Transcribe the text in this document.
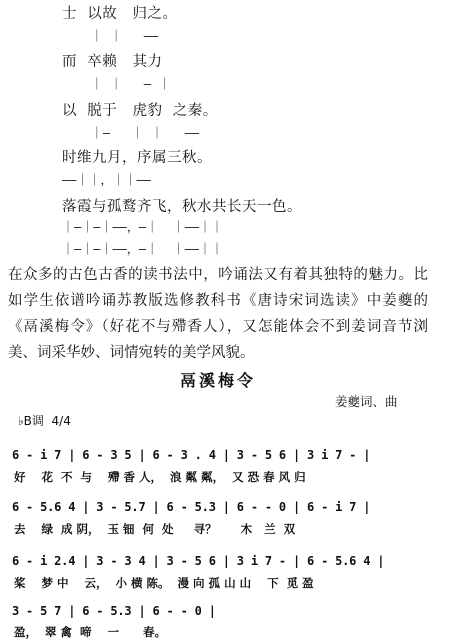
士  以故   归之。
｜ ｜   ——
而  卒赖   其力
｜ ｜   — ｜
以  脱于   虎豹  之秦。
｜—   ｜ ｜   ——
时维九月，序属三秋。
——｜｜，｜｜——
落霞与孤鹜齐飞，秋水共长天一色。
｜—｜—｜——，—｜  ｜——｜｜
｜—｜—｜——，—｜  ｜——｜｜
在众多的古色古香的读书法中，吟诵法又有着其独特的魅力。比如学生依谱吟诵苏教版选修教科书《唐诗宋词选读》中姜夔的《鬲溪梅令》（好花不与殢香人），又怎能体会不到姜词音节浏美、词采华妙、词情宛转的美学风貌。
鬲溪梅令
姜夔词、曲
♭B调  4/4
6 - i 7 | 6 - 3 5 | 6 - 3 . 4 | 3 - 5 6 | 3 i 7 - |
好    花  不  与    殢 香 人，  浪 粼 粼，  又 恐 春 风 归
6 - 5.6 4 | 3 - 5.7 | 6 - 5.3 | 6 - - 0 | 6 - i 7 |
去    绿  成 阴，  玉 钿  何  处     寻？      木   兰  双
6 - i 2.4 | 3 - 3 4 | 3 - 5 6 | 3 i 7 - | 6 - 5.6 4 |
桨    梦 中    云，  小 横 陈。  漫 向 孤 山 山    下  觅 盈
3 - 5 7 | 6 - 5.3 | 6 - - 0 |
盈，  翠 禽  啼    一      春。
